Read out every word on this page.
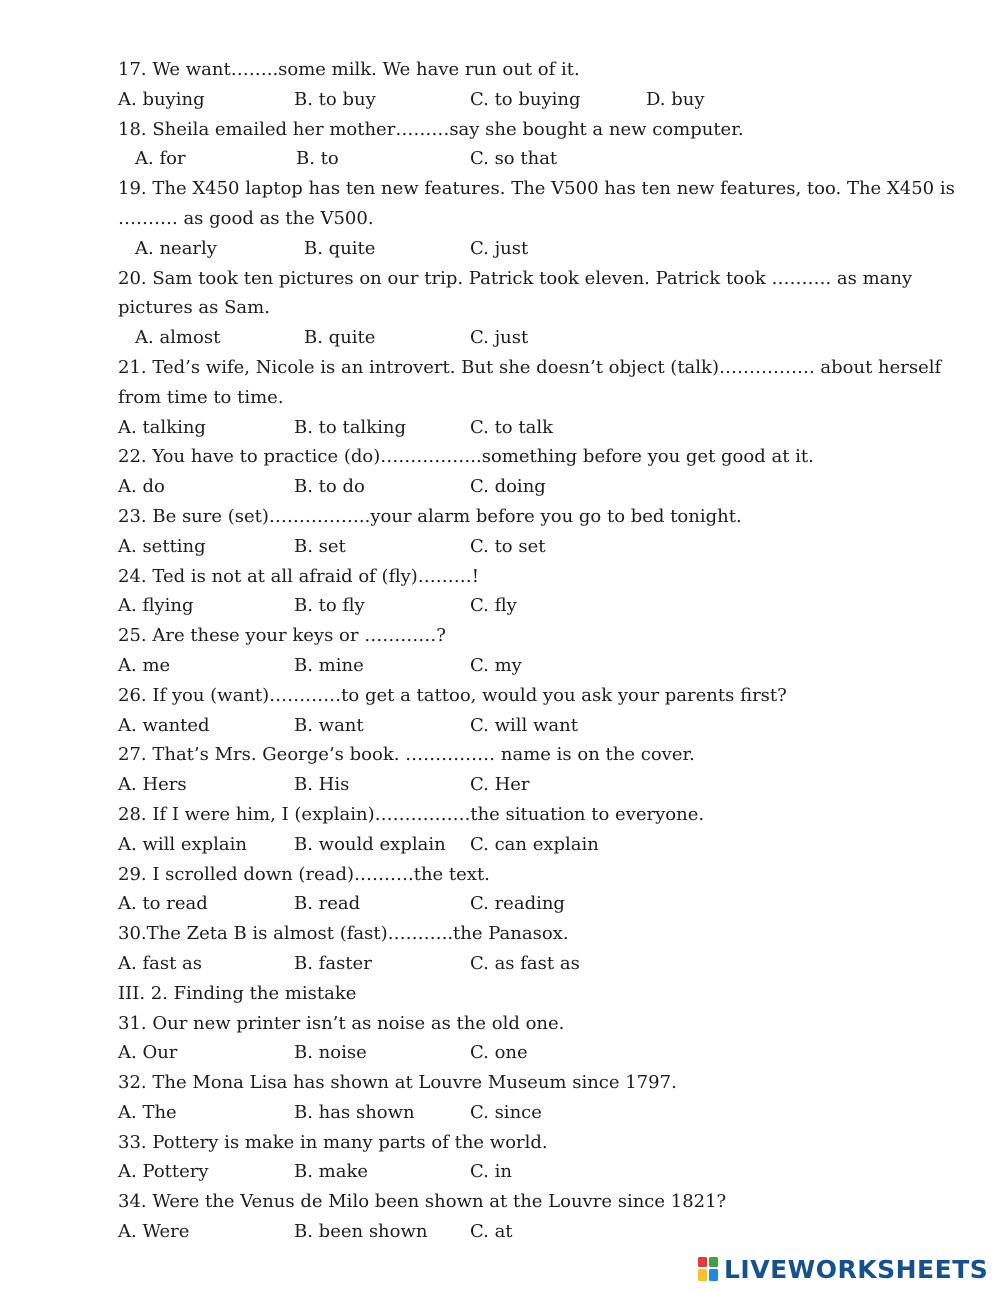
17. We want……..some milk. We have run out of it.
A. buying	B. to buy	C. to buying	D. buy
18. Sheila emailed her mother………say she bought a new computer.
A. for	B. to	C. so that
19. The X450 laptop has ten new features. The V500 has ten new features, too. The X450 is
………. as good as the V500.
A. nearly	B. quite	C. just
20. Sam took ten pictures on our trip. Patrick took eleven. Patrick took ………. as many
pictures as Sam.
A. almost	B. quite	C. just
21. Ted’s wife, Nicole is an introvert. But she doesn’t object (talk)……………. about herself
from time to time.
A. talking	B. to talking	C. to talk
22. You have to practice (do)……………..something before you get good at it.
A. do	B. to do	C. doing
23. Be sure (set)……………..your alarm before you go to bed tonight.
A. setting	B. set	C. to set
24. Ted is not at all afraid of (fly)………!
A. flying	B. to fly	C. fly
25. Are these your keys or …………?
A. me	B. mine	C. my
26. If you (want)…………to get a tattoo, would you ask your parents first?
A. wanted	B. want	C. will want
27. That’s Mrs. George’s book. …………… name is on the cover.
A. Hers	B. His	C. Her
28. If I were him, I (explain)…………….the situation to everyone.
A. will explain	B. would explain C. can explain
29. I scrolled down (read)……….the text.
A. to read	B. read	C. reading
30.The Zeta B is almost (fast)………..the Panasox.
A. fast as	B. faster	C. as fast as
III. 2. Finding the mistake
31. Our new printer isn’t as noise as the old one.
A. Our	B. noise	C. one
32. The Mona Lisa has shown at Louvre Museum since 1797.
A. The	B. has shown	C. since
33. Pottery is make in many parts of the world.
A. Pottery	B. make	C. in
34. Were the Venus de Milo been shown at the Louvre since 1821?
A. Were	B. been shown C. at
LIVEWORKSHEETS
